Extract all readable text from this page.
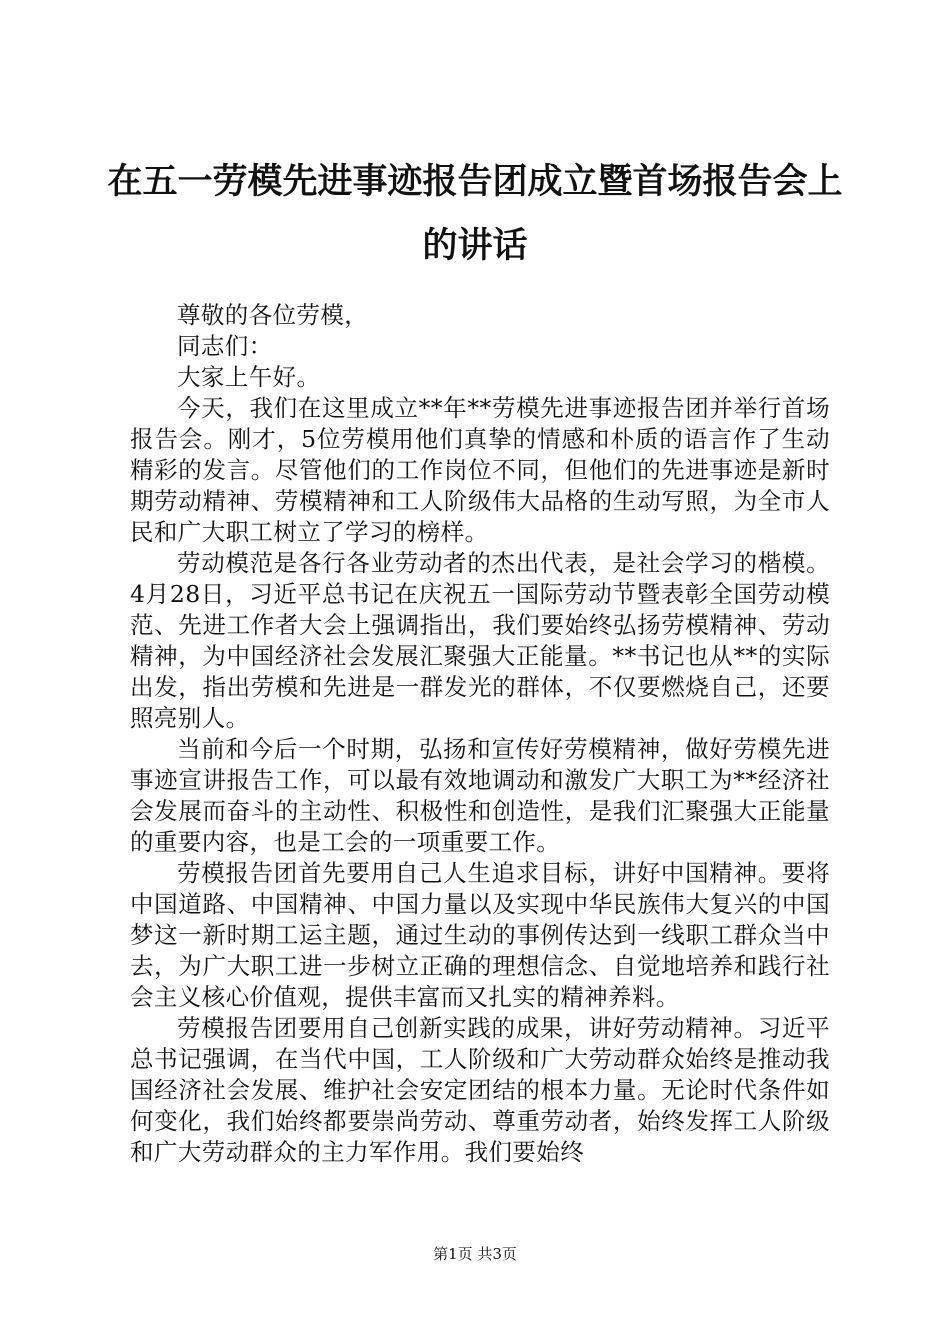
在五一劳模先进事迹报告团成立暨首场报告会上的讲话

尊敬的各位劳模，

同志们：

大家上午好。

今天，我们在这里成立**年**劳模先进事迹报告团并举行首场报告会。刚才，5位劳模用他们真挚的情感和朴质的语言作了生动精彩的发言。尽管他们的工作岗位不同，但他们的先进事迹是新时期劳动精神、劳模精神和工人阶级伟大品格的生动写照，为全市人民和广大职工树立了学习的榜样。

劳动模范是各行各业劳动者的杰出代表，是社会学习的楷模。4月28日，习近平总书记在庆祝五一国际劳动节暨表彰全国劳动模范、先进工作者大会上强调指出，我们要始终弘扬劳模精神、劳动精神，为中国经济社会发展汇聚强大正能量。**书记也从**的实际出发，指出劳模和先进是一群发光的群体，不仅要燃烧自己，还要照亮别人。

当前和今后一个时期，弘扬和宣传好劳模精神，做好劳模先进事迹宣讲报告工作，可以最有效地调动和激发广大职工为**经济社会发展而奋斗的主动性、积极性和创造性，是我们汇聚强大正能量的重要内容，也是工会的一项重要工作。

劳模报告团首先要用自己人生追求目标，讲好中国精神。要将中国道路、中国精神、中国力量以及实现中华民族伟大复兴的中国梦这一新时期工运主题，通过生动的事例传达到一线职工群众当中去，为广大职工进一步树立正确的理想信念、自觉地培养和践行社会主义核心价值观，提供丰富而又扎实的精神养料。

劳模报告团要用自己创新实践的成果，讲好劳动精神。习近平总书记强调，在当代中国，工人阶级和广大劳动群众始终是推动我国经济社会发展、维护社会安定团结的根本力量。无论时代条件如何变化，我们始终都要崇尚劳动、尊重劳动者，始终发挥工人阶级和广大劳动群众的主力军作用。我们要始终

第1页 共3页
